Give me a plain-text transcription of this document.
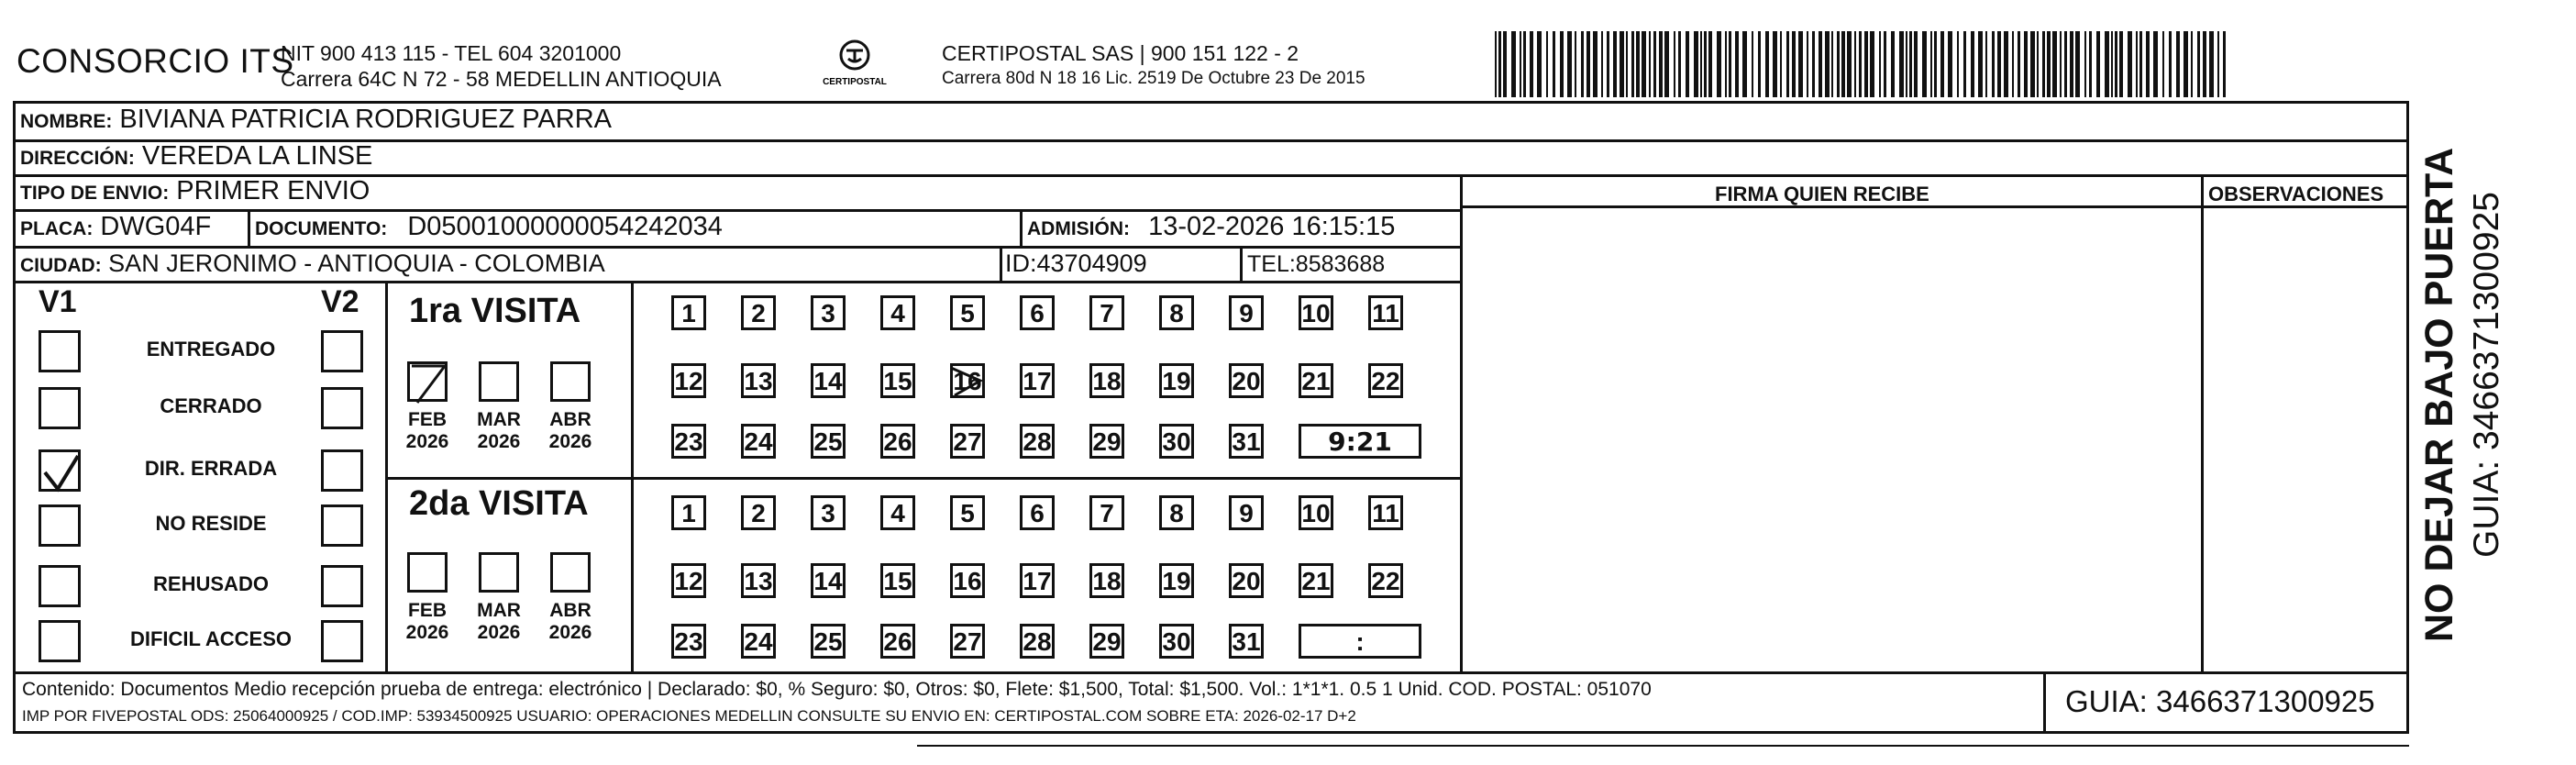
CONSORCIO ITS
NIT 900 413 115 - TEL 604 3201000
Carrera 64C N 72 - 58 MEDELLIN ANTIOQUIA	CERTIPOSTAL
CERTIPOSTAL SAS | 900 151 122 - 2
Carrera 80d N 18 16 Lic. 2519 De Octubre 23 De 2015
NOMBRE: BIVIANA PATRICIA RODRIGUEZ PARRA
DIRECCIÓN: VEREDA LA LINSE
TIPO DE ENVIO: PRIMER ENVIO	FIRMA QUIEN RECIBE	OBSERVACIONES
PLACA: DWG04F DOCUMENTO: D05001000000054242034	ADMISIÓN: 13-02-2026 16:15:15
CIUDAD: SAN JERONIMO - ANTIOQUIA - COLOMBIA	ID:43704909	TEL:8583688
V1	V2
ENTREGADO
CERRADO
DIR. ERRADA
NO RESIDE
REHUSADO
DIFICIL ACCESO
1ra VISITA
2da VISITA
1	2	3	4	5	6	7	8	9	10 11
12 13 14 15 16 17 18 19 20 21 22
23 24 25 26 27 28 29 30 31	9:21
FEB
2026
MAR
2026
ABR
2026
1	2	3	4	5	6	7	8	9	10 11
12 13 14 15 16 17 18 19 20 21 22
23 24 25 26 27 28 29 30 31	:
FEB
2026
MAR
2026
ABR
2026
Contenido: Documentos Medio recepción prueba de entrega: electrónico | Declarado: $0, % Seguro: $0, Otros: $0, Flete: $1,500, Total: $1,500. Vol.: 1*1*1. 0.5 1 Unid. COD. POSTAL: 051070
IMP POR FIVEPOSTAL ODS: 25064000925 / COD.IMP: 53934500925 USUARIO: OPERACIONES MEDELLIN CONSULTE SU ENVIO EN: CERTIPOSTAL.COM SOBRE ETA: 2026-02-17 D+2	GUIA: 3466371300925
NO DEJAR BAJO PUERTA GUIA: 3466371300925
